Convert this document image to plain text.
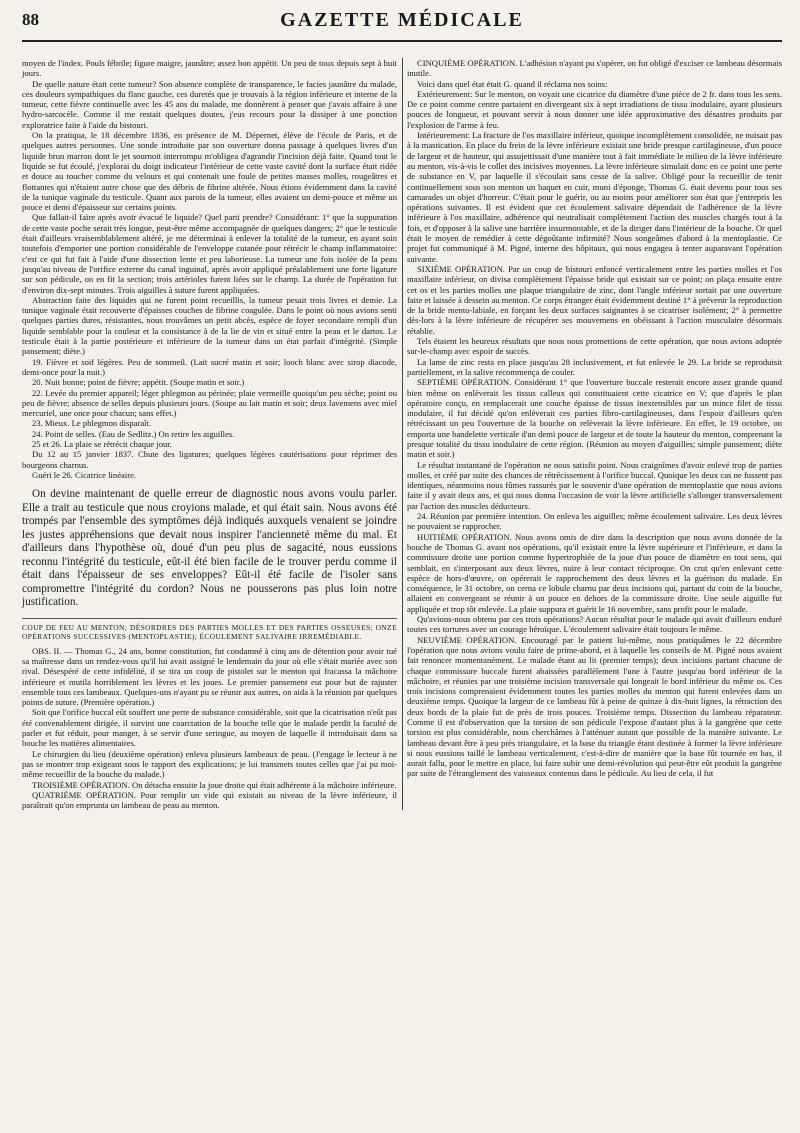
88	GAZETTE MÉDICALE

moyen de l'index. Pouls fébrile; figure maigre, jaunâtre; assez bon appétit. Un peu de toux depuis sept à huit jours.

De quelle nature était cette tumeur? Son absence complète de transparence, le facies jaunâtre du malade, ces douleurs sympathiques du flanc gauche, ces duretés que je trouvais à la région inférieure et interne de la tumeur, cette fièvre continuelle avec les 45 ans du malade, me donnèrent à penser que j'avais affaire à une hydro-sarcocèle. Comme il me restait quelques doutes, j'eus recours pour la dissiper à une ponction exploratrice faite à l'aide du bistouri.

On la pratiqua, le 18 décembre 1836, en présence de M. Dépernet, élève de l'école de Paris, et de quelques autres personnes. Une sonde introduite par son ouverture donna passage à quelques livres d'un liquide brun marron dont le jet sournoit interrompu m'obligea d'agrandir l'incision déjà faite. Quand tout le liquide se fut écoulé, j'explorai du doigt indicateur l'intérieur de cette vaste cavité dont la surface était ridée et douce au toucher comme du velours et qui contenait une foule de petites masses molles, rougeâtres et flottantes qui n'étaient autre chose que des débris de fibrine altérée. Nous étions évidemment dans la cavité de la tunique vaginale du testicule. Quant aux parois de la tumeur, elles avaient un demi-pouce et même un pouce et demi d'épaisseur sur certains points.

Que fallait-il faire après avoir évacué le liquide? Quel parti prendre? Considérant: 1° que la suppuration de cette vaste poche serait très longue, peut-être même accompagnée de quelques dangers; 2° que le testicule était d'ailleurs vraisemblablement altéré, je me déterminai à enlever la totalité de la tumeur, en ayant soin toutefois d'emporter une portion considérable de l'enveloppe cutanée pour rétrécir le champ inflammatoire: c'est ce qui fut fait à l'aide d'une dissection lente et peu laborieuse. La tumeur une fois isolée de la peau jusqu'au niveau de l'orifice externe du canal inguinal, après avoir appliqué préalablement une forte ligature sur son pédicule, on en fit la section; trois artérioles furent liées sur le champ. La durée de l'opération fut d'environ dix-sept minutes. Trois aiguilles à suture furent appliquées.

Abstraction faite des liquides qui ne furent point recueillis, la tumeur pesait trois livres et demie. La tunique vaginale était recouverte d'épaisses couches de fibrine coagulée. Dans le point où nous avions senti quelques parties dures, résistantes, nous trouvâmes un petit abcès, espèce de foyer secondaire rempli d'un liquide semblable pour la couleur et la consistance à de la lie de vin et situé entre la peau et le dartos. Le testicule était à la partie postérieure et inférieure de la tumeur dans un état parfait d'intégrité. (Simple pansement; diète.)

19. Fièvre et soif légères. Peu de sommeil. (Lait sucré matin et soir; looch blanc avec sirop diacode, demi-once pour la nuit.)

20. Nuit bonne; point de fièvre; appétit. (Soupe matin et soir.)

22. Levée du premier appareil; léger phlegmon au périnée; plaie vermeille quoiqu'un peu sèche; point ou peu de fièvre; absence de selles depuis plusieurs jours. (Soupe au lait matin et soir; deux lavemens avec miel mercuriel, une once pour chacun; sans effet.)

23. Mieux. Le phlegmon disparaît.

24. Point de selles. (Eau de Sedlitz.) On retire les aiguilles.

25 et 26. La plaie se rétrécit chaque jour.

Du 12 au 15 janvier 1837. Chute des ligatures; quelques légères cautérisations pour réprimer des bourgeons charnus.

Guéri le 26. Cicatrice linéaire.

On devine maintenant de quelle erreur de diagnostic nous avons voulu parler. Elle a trait au testicule que nous croyions malade, et qui était sain. Nous avons été trompés par l'ensemble des symptômes déjà indiqués auxquels venaient se joindre les justes appréhensions que devait nous inspirer l'ancienneté même du mal. Et d'ailleurs dans l'hypothèse où, doué d'un peu plus de sagacité, nous eussions reconnu l'intégrité du testicule, eût-il été bien facile de le trouver perdu comme il était dans l'épaisseur de ses enveloppes? Eût-il été facile de l'isoler sans compromettre l'intégrité du cordon? Nous ne pousserons pas plus loin notre justification.

COUP DE FEU AU MENTON; DÉSORDRES DES PARTIES MOLLES ET DES PARTIES OSSEUSES; ONZE OPÉRATIONS SUCCESSIVES (MENTOPLASTIE); ÉCOULEMENT SALIVAIRE IRREMÉDIABLE.

OBS. II. — Thomas G., 24 ans, bonne constitution, fut condamné à cinq ans de détention pour avoir tué sa maîtresse dans un rendez-vous qu'il lui avait assigné le lendemain du jour où elle s'était mariée avec son rival. Désespéré de cette infidélité, il se tira un coup de pistolet sur le menton qui fracassa la mâchoire inférieure et mutila horriblement les lèvres et les joues. Le premier pansement eut pour but de rajuster ensemble tous ces lambeaux. Quelques-uns n'ayant pu se réunir aux autres, on aida à la réunion par quelques points de suture. (Première opération.)

Soit que l'orifice buccal eût souffert une perte de substance considérable, soit que la cicatrisation n'eût pas été convenablement dirigée, il survint une coarctation de la bouche telle que le malade perdit la faculté de parler et fut réduit, pour manger, à se servir d'une seringue, au moyen de laquelle il introduisait dans sa bouche les matières alimentaires.

Le chirurgien du lieu (deuxième opération) enleva plusieurs lambeaux de peau. (J'engage le lecteur à ne pas se montrer trop exigeant sous le rapport des explications; je lui transmets toutes celles que j'ai pu moi-même recueillir de la bouche du malade.)

TROISIÈME OPÉRATION. On détacha ensuite la joue droite qui était adhérente à la mâchoire inférieure.

QUATRIÈME OPÉRATION. Pour remplir un vide qui existait au niveau de la lèvre inférieure, il paraîtrait qu'on emprunta un lambeau de peau au menton.

CINQUIÈME OPÉRATION. L'adhésion n'ayant pu s'opérer, on fut obligé d'exciser ce lambeau désormais inutile.

Voici dans quel état était G. quand il réclama nos soins:

Extérieurement: Sur le menton, on voyait une cicatrice du diamètre d'une pièce de 2 fr. dans tous les sens. De ce point comme centre partaient en divergeant six à sept irradiations de tissu inodulaire, ayant plusieurs pouces de longueur, et pouvant servir à nous donner une idée approximative des désastres produits par l'explosion de l'arme à feu.

Intérieurement: La fracture de l'os maxillaire inférieur, quoique incomplètement consolidée, ne nuisait pas à la mastication. En place du frein de la lèvre inférieure existait une bride presque cartilagineuse, d'un pouce de largeur et de hauteur, qui assujettissait d'une manière tout à fait immédiate le milieu de la lèvre inférieure au menton, vis-à-vis le collet des incisives moyennes. La lèvre inférieure simulait donc en ce point une perte de substance en V, par laquelle il s'écoulait sans cesse de la salive. Obligé pour la recueillir de tenir continuellement sous son menton un baquet en cuir, muni d'éponge, Thomas G. était devenu pour tous ses camarades un objet d'horreur. C'était pour le guérir, ou au moins pour améliorer son état que j'entrepris les opérations suivantes. Il est évident que cet écoulement salivaire dépendait de l'adhérence de la lèvre inférieure à l'os maxillaire, adhérence qui neutralisait complètement l'action des muscles chargés tout à la fois, et d'opposer à la salive une barrière insurmontable, et de la diriger dans l'intérieur de la bouche. Or quel était le moyen de remédier à cette dégoûtante infirmité? Nous songeâmes d'abord à la mentoplastie. Ce projet fut communiqué à M. Pigné, interne des hôpitaux, qui nous engagea à tenter auparavant l'opération suivante.

SIXIÈME OPÉRATION. Par un coup de bistouri enfoncé verticalement entre les parties molles et l'os maxillaire inférieur, on divisa complètement l'épaisse bride qui existait sur ce point; on plaça ensuite entre cet os et les parties molles une plaque triangulaire de zinc, dont l'angle inférieur sortait par une ouverture faite et laissée à dessein au menton. Ce corps étranger était évidemment destiné 1° à prévenir la reproduction de la bride mento-labiale, en forçant les deux surfaces saignantes à se cicatriser isolément; 2° à permettre dès-lors à la lèvre inférieure de récupérer ses mouvemens en obéissant à l'action musculaire désormais rétablie.

Tels étaient les heureux résultats que nous nous promettions de cette opération, que nous avions adoptée sur-le-champ avec espoir de succès.

La lame de zinc resta en place jusqu'au 28 inclusivement, et fut enlevée le 29. La bride se reproduisit partiellement, et la salive recommença de couler.

SEPTIÈME OPÉRATION. Considérant 1° que l'ouverture buccale resterait encore assez grande quand bien même on enlèverait les tissus calleux qui constituaient cette cicatrice en V; que d'après le plan opératoire conçu, en remplacerait une couche épaisse de tissus inextensibles par un mince filet de tissu inodulaire, il fut décidé qu'on enlèverait ces parties fibro-cartilagineuses, dans l'espoir d'ailleurs qu'en rétrécissant un peu l'ouverture de la bouche on relèverait la lèvre inférieure. En effet, le 19 octobre, on emporta une bandelette verticale d'un demi pouce de largeur et de toute la hauteur du menton, comprenant la presque totalité du tissu inodulaire de cette région. (Réunion au moyen d'aiguilles; simple pansement; diète matin et soir.)

Le résultat instantané de l'opération ne nous satisfit point. Nous craignîmes d'avoir enlevé trop de parties molles, et créé par suite des chances de rétrécissement à l'orifice buccal. Quoique les deux cas ne fussent pas identiques, néanmoins nous fûmes rassurés par le souvenir d'une opération de mentoplastie que nous avions faite il y avait deux ans, et qui nous donna l'occasion de voir la lèvre artificielle s'allonger transversalement par l'action des muscles déducteurs.

24. Réunion par première intention. On enleva les aiguilles; même écoulement salivaire. Les deux lèvres ne pouvaient se rapprocher.

HUITIÈME OPÉRATION. Nous avons omis de dire dans la description que nous avons donnée de la bouche de Thomas G. avant nos opérations, qu'il existait entre la lèvre supérieure et l'inférieure, et dans la commissure droite une portion comme hypertrophiée de la joue d'un pouce de diamètre en tout sens, qui semblait, en s'interposant aux deux lèvres, nuire à leur contact réciproque. On crut qu'en enlevant cette espèce de hors-d'œuvre, on opérerait le rapprochement des deux lèvres et la guérison du malade. En conséquence, le 31 octobre, on cerna ce lobule charnu par deux incisions qui, partant du coin de la bouche, allaient en convergeant se réunir à un pouce en dehors de la commissure droite. Une seule aiguille fut appliquée et trop tôt enlevée. La plaie suppura et guérit le 16 novembre, sans profit pour le malade.

Qu'avions-nous obtenu par ces trois opérations? Aucun résultat pour le malade qui avait d'ailleurs enduré toutes ces tortures avec un courage héroïque. L'écoulement salivaire était toujours le même.

NEUVIÈME OPÉRATION. Encouragé par le patient lui-même, nous pratiquâmes le 22 décembre l'opération que nous avions voulu faire de prime-abord, et à laquelle les conseils de M. Pigné nous avaient fait renoncer momentanément. Le malade étant au lit (premier temps); deux incisions partant chacune de chaque commissure buccale furent abaissées parallèlement l'une à l'autre jusqu'au bord inférieur de la mâchoire, et réunies par une troisième incision transversale qui longeait le bord inférieur du même os. Ces trois incisions comprenaient évidemment toutes les parties molles du menton qui furent enlevées dans un deuxième temps. Quoique la largeur de ce lambeau fût à peine de quinze à dix-huit lignes, la rétraction des deux bords de la plaie fut de près de trois pouces. Troisième temps. Dissection du lambeau réparateur. Comme il est d'observation que la torsion de son pédicule l'expose d'autant plus à la gangrène que cette torsion est plus considérable, nous cherchâmes à l'atténuer autant que possible de la manière suivante. Le lambeau devant être à peu près triangulaire, et la base du triangle étant destinée à former la lèvre inférieure si nous eussions taillé le lambeau verticalement, c'est-à-dire de manière que la base fût tournée en bas, il aurait fallu, pour le mettre en place, lui faire subir une demi-révolution qui peut-être eût produit la gangrène par suite de l'étranglement des vaisseaux contenus dans le pédicule. Au lieu de cela, il fut
